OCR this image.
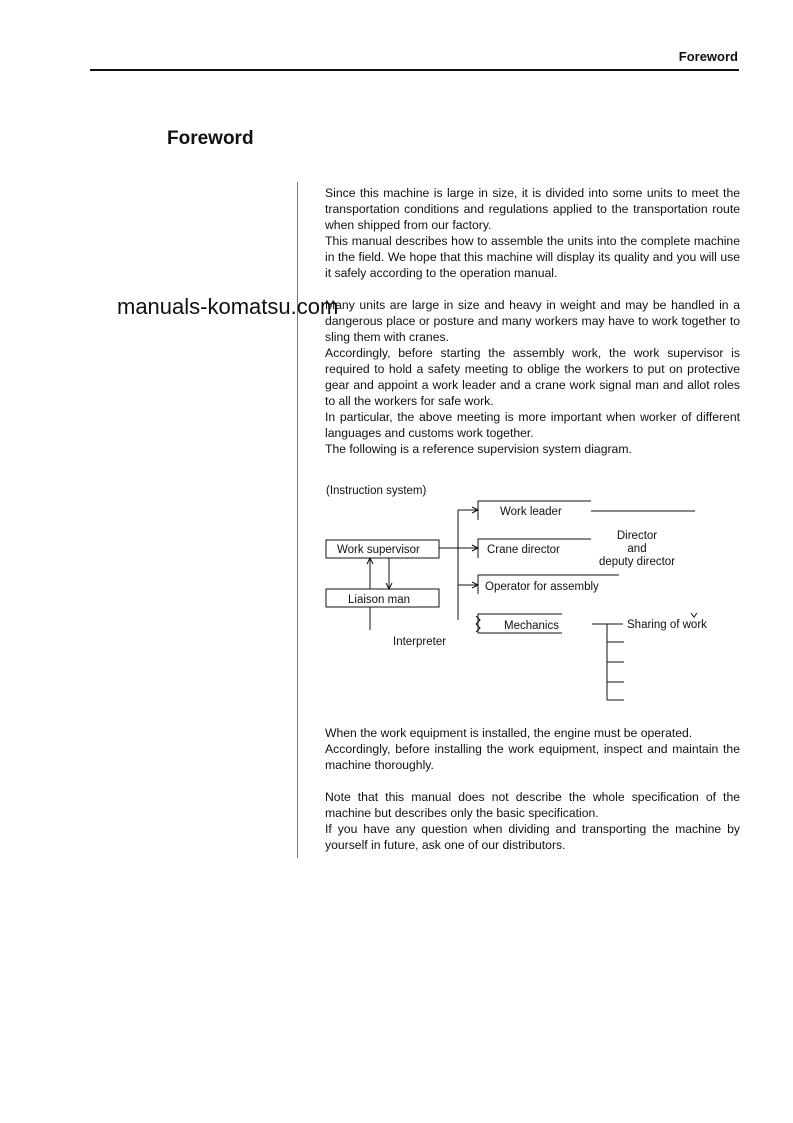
Foreword
Foreword

Since this machine is large in size, it is divided into some units to meet the transportation conditions and regulations applied to the transportation route when shipped from our factory.

This manual describes how to assemble the units into the complete machine in the field. We hope that this machine will display its quality and you will use it safely according to the operation manual.

Many units are large in size and heavy in weight and may be handled in a dangerous place or posture and many workers may have to work together to sling them with cranes.

Accordingly, before starting the assembly work, the work supervisor is required to hold a safety meeting to oblige the workers to put on protective gear and appoint a work leader and a crane work signal man and allot roles to all the workers for safe work.

In particular, the above meeting is more important when worker of different languages and customs work together.

The following is a reference supervision system diagram.

(Instruction system)
Work supervisor
Liaison man
Interpreter
Work leader
Crane director
Operator for assembly
Mechanics
Director
and
deputy director
Sharing of work

When the work equipment is installed, the engine must be operated.

Accordingly, before installing the work equipment, inspect and maintain the machine thoroughly.

Note that this manual does not describe the whole specification of the machine but describes only the basic specification.

If you have any question when dividing and transporting the machine by yourself in future, ask one of our distributors.

manuals-komatsu.com
